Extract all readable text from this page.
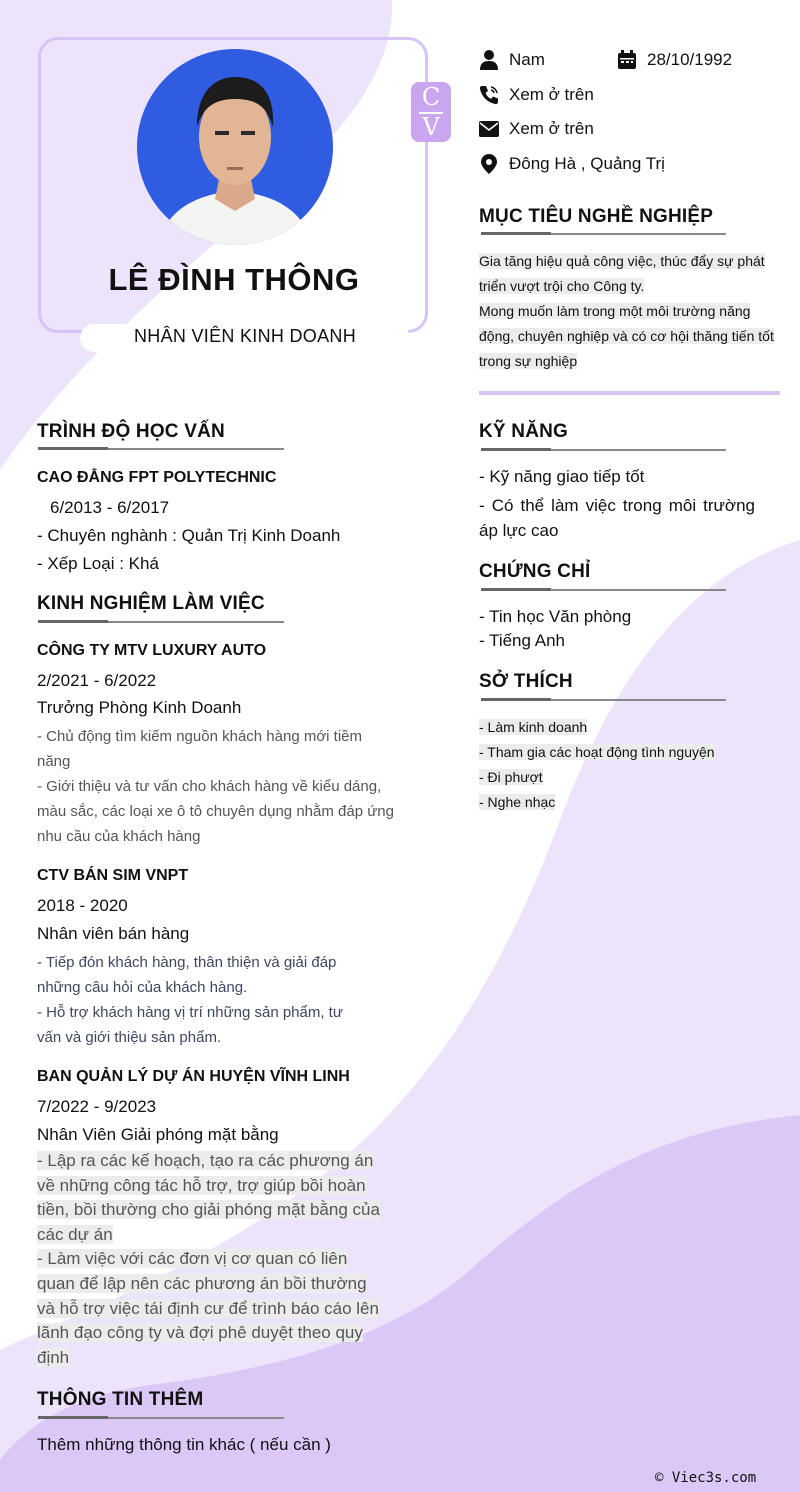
C
V
LÊ ĐÌNH THÔNG
NHÂN VIÊN KINH DOANH
Nam	28/10/1992
Xem ở trên
Xem ở trên
Đông Hà , Quảng Trị
MỤC TIÊU NGHỀ NGHIỆP
Gia tăng hiệu quả công việc, thúc đẩy sự phát
triển vượt trội cho Công ty.
Mong muốn làm trong một môi trường năng
động, chuyên nghiệp và có cơ hội thăng tiến tốt
trong sự nghiệp
TRÌNH ĐỘ HỌC VẤN
CAO ĐẲNG FPT POLYTECHNIC
6/2013 - 6/2017
- Chuyên nghành : Quản Trị Kinh Doanh
- Xếp Loại : Khá
KINH NGHIỆM LÀM VIỆC
CÔNG TY MTV LUXURY AUTO
2/2021 - 6/2022
Trưởng Phòng Kinh Doanh
- Chủ động tìm kiếm nguồn khách hàng mới tiềm
năng
- Giới thiệu và tư vấn cho khách hàng về kiểu dáng,
màu sắc, các loại xe ô tô chuyên dụng nhằm đáp ứng
nhu cầu của khách hàng
CTV BÁN SIM VNPT
2018 - 2020
Nhân viên bán hàng
- Tiếp đón khách hàng, thân thiện và giải đáp
những câu hỏi của khách hàng.
- Hỗ trợ khách hàng vị trí những sản phẩm, tư
vấn và giới thiệu sản phẩm.
BAN QUẢN LÝ DỰ ÁN HUYỆN VĨNH LINH
7/2022 - 9/2023
Nhân Viên Giải phóng mặt bằng
- Lập ra các kế hoạch, tạo ra các phương án
về những công tác hỗ trợ, trợ giúp bồi hoàn
tiền, bồi thường cho giải phóng mặt bằng của
các dự án
- Làm việc với các đơn vị cơ quan có liên
quan để lập nên các phương án bồi thường
và hỗ trợ việc tái định cư để trình báo cáo lên
lãnh đạo công ty và đợi phê duyệt theo quy
định
THÔNG TIN THÊM
Thêm những thông tin khác ( nếu cần )
KỸ NĂNG
- Kỹ năng giao tiếp tốt
- Có thể làm việc trong môi trường
áp lực cao
CHỨNG CHỈ
- Tin học Văn phòng
- Tiếng Anh
SỞ THÍCH
- Làm kinh doanh
- Tham gia các hoạt động tình nguyện
- Đi phượt
- Nghe nhạc
© Viec3s.com
